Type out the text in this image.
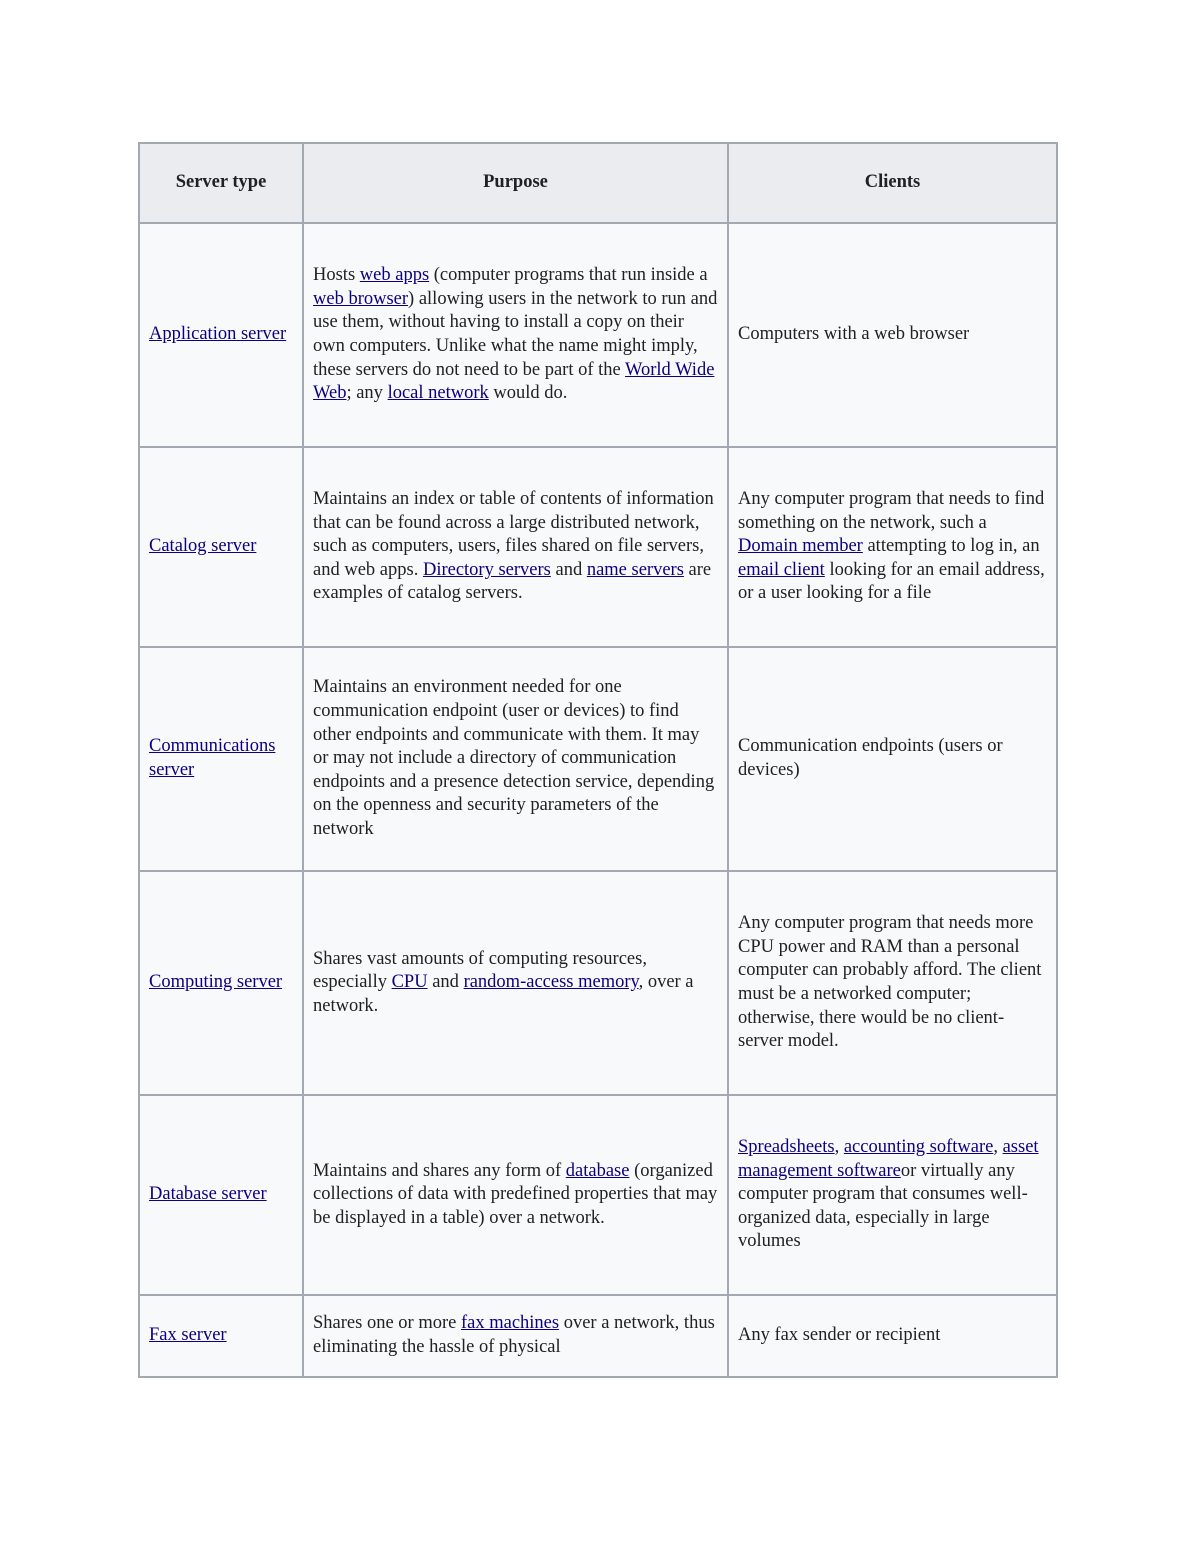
Server type	Purpose	Clients
Application server	Hosts web apps (computer programs that run inside a web browser) allowing users in the network to run and use them, without having to install a copy on their own computers. Unlike what the name might imply, these servers do not need to be part of the World Wide Web; any local network would do.	Computers with a web browser
Catalog server	Maintains an index or table of contents of information that can be found across a large distributed network, such as computers, users, files shared on file servers, and web apps. Directory servers and name servers are examples of catalog servers.	Any computer program that needs to find something on the network, such a Domain member attempting to log in, an email client looking for an email address, or a user looking for a file
Communications server	Maintains an environment needed for one communication endpoint (user or devices) to find other endpoints and communicate with them. It may or may not include a directory of communication endpoints and a presence detection service, depending on the openness and security parameters of the network	Communication endpoints (users or devices)
Computing server	Shares vast amounts of computing resources, especially CPU and random-access memory, over a network.	Any computer program that needs more CPU power and RAM than a personal computer can probably afford. The client must be a networked computer; otherwise, there would be no client-server model.
Database server	Maintains and shares any form of database (organized collections of data with predefined properties that may be displayed in a table) over a network.	Spreadsheets, accounting software, asset management softwareor virtually any computer program that consumes well-organized data, especially in large volumes
Fax server	Shares one or more fax machines over a network, thus eliminating the hassle of physical	Any fax sender or recipient
